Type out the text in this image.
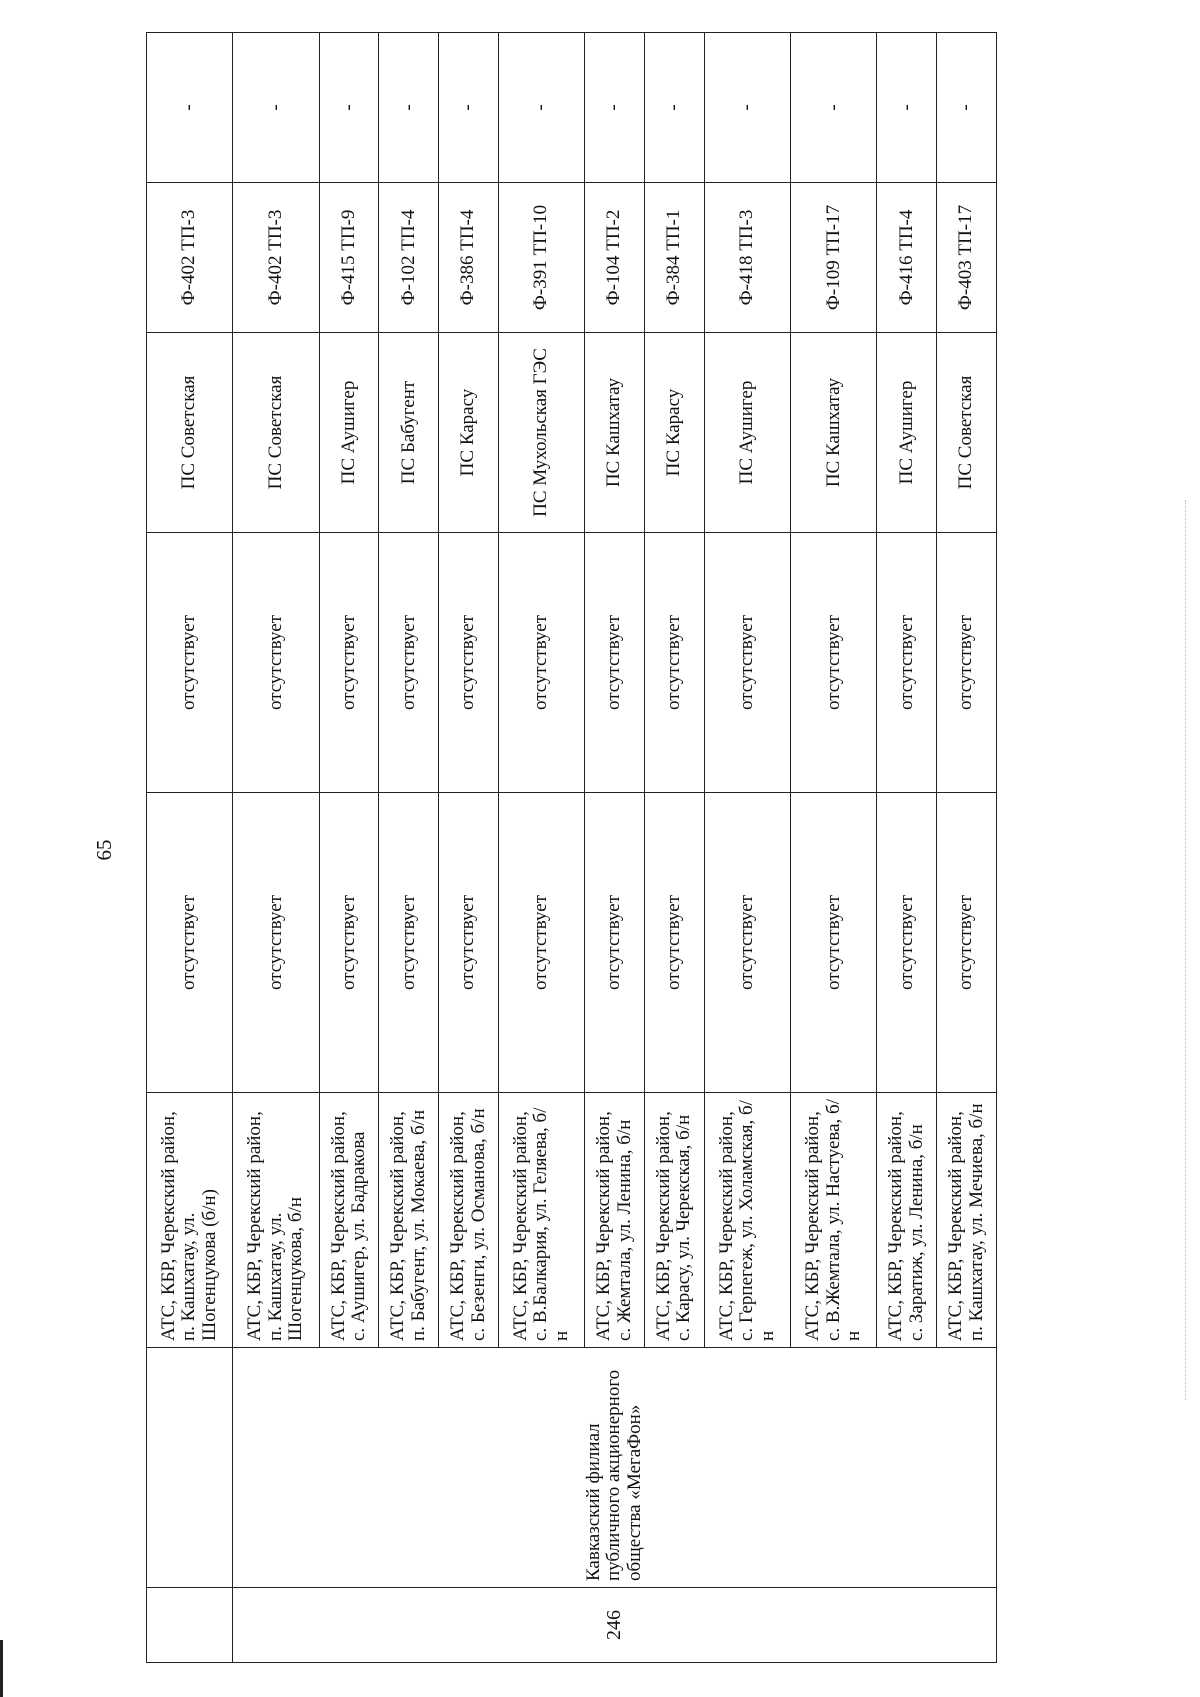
65
		АТС, КБР, Черекский район, п. Кашхатау, ул. Шогенцукова (б/н)	отсутствует	отсутствует	ПС Советская	Ф-402 ТП-3	-
246	Кавказский филиал публичного акционерного общества «МегаФон»	АТС, КБР, Черекский район, п. Кашхатау, ул. Шогенцукова, б/н	отсутствует	отсутствует	ПС Советская	Ф-402 ТП-3	-
		АТС, КБР, Черекский район, с. Аушигер, ул. Бадракова	отсутствует	отсутствует	ПС Аушигер	Ф-415 ТП-9	-
		АТС, КБР, Черекский район, п. Бабугент, ул. Мокаева, б/н	отсутствует	отсутствует	ПС Бабугент	Ф-102 ТП-4	-
		АТС, КБР, Черекский район, с. Безенги, ул. Османова, б/н	отсутствует	отсутствует	ПС Карасу	Ф-386 ТП-4	-
		АТС, КБР, Черекский район, с. В.Балкария, ул. Геляева, б/н	отсутствует	отсутствует	ПС Мухольская ГЭС	Ф-391 ТП-10	-
		АТС, КБР, Черекский район, с. Жемтала, ул. Ленина, б/н	отсутствует	отсутствует	ПС Кашхатау	Ф-104 ТП-2	-
		АТС, КБР, Черекский район, с. Карасу, ул. Черекская, б/н	отсутствует	отсутствует	ПС Карасу	Ф-384 ТП-1	-
		АТС, КБР, Черекский район, с. Герпегеж, ул. Холамская, б/н	отсутствует	отсутствует	ПС Аушигер	Ф-418 ТП-3	-
		АТС, КБР, Черекский район, с. В.Жемтала, ул. Настуева, б/н	отсутствует	отсутствует	ПС Кашхатау	Ф-109 ТП-17	-
		АТС, КБР, Черекский район, с. Заратиж, ул. Ленина, б/н	отсутствует	отсутствует	ПС Аушигер	Ф-416 ТП-4	-
		АТС, КБР, Черекский район, п. Кашхатау, ул. Мечиева, б/н	отсутствует	отсутствует	ПС Советская	Ф-403 ТП-17	-
